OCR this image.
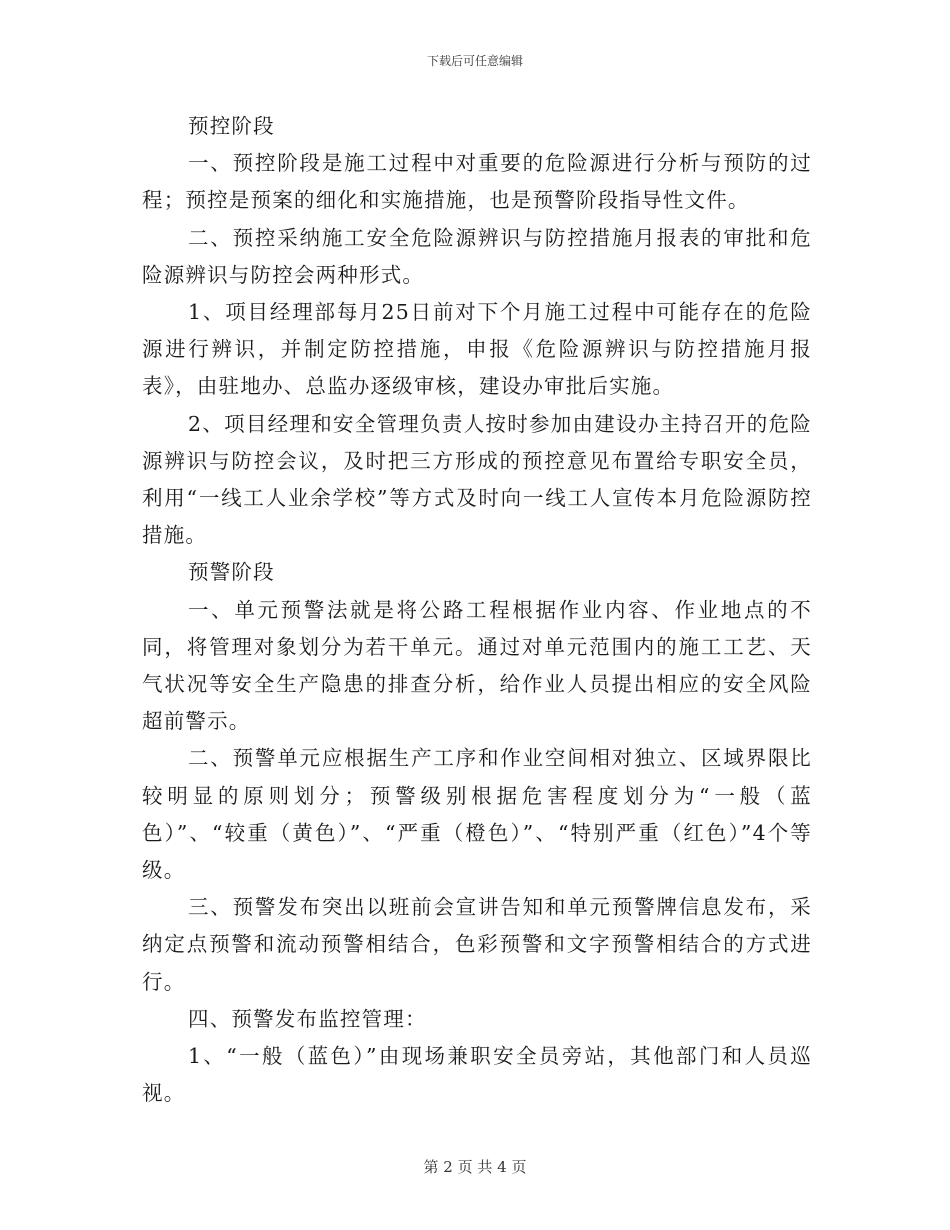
下载后可任意编辑

预控阶段

一、预控阶段是施工过程中对重要的危险源进行分析与预防的过程；预控是预案的细化和实施措施，也是预警阶段指导性文件。

二、预控采纳施工安全危险源辨识与防控措施月报表的审批和危险源辨识与防控会两种形式。

1、项目经理部每月25日前对下个月施工过程中可能存在的危险源进行辨识，并制定防控措施，申报《危险源辨识与防控措施月报表》，由驻地办、总监办逐级审核，建设办审批后实施。

2、项目经理和安全管理负责人按时参加由建设办主持召开的危险源辨识与防控会议，及时把三方形成的预控意见布置给专职安全员，利用“一线工人业余学校”等方式及时向一线工人宣传本月危险源防控措施。

预警阶段

一、单元预警法就是将公路工程根据作业内容、作业地点的不同，将管理对象划分为若干单元。通过对单元范围内的施工工艺、天气状况等安全生产隐患的排查分析，给作业人员提出相应的安全风险超前警示。

二、预警单元应根据生产工序和作业空间相对独立、区域界限比较明显的原则划分；预警级别根据危害程度划分为“一般（蓝色）”、“较重（黄色）”、“严重（橙色）”、“特别严重（红色）”4个等级。

三、预警发布突出以班前会宣讲告知和单元预警牌信息发布，采纳定点预警和流动预警相结合，色彩预警和文字预警相结合的方式进行。

四、预警发布监控管理：

1、“一般（蓝色）”由现场兼职安全员旁站，其他部门和人员巡视。

第 2 页 共 4 页
